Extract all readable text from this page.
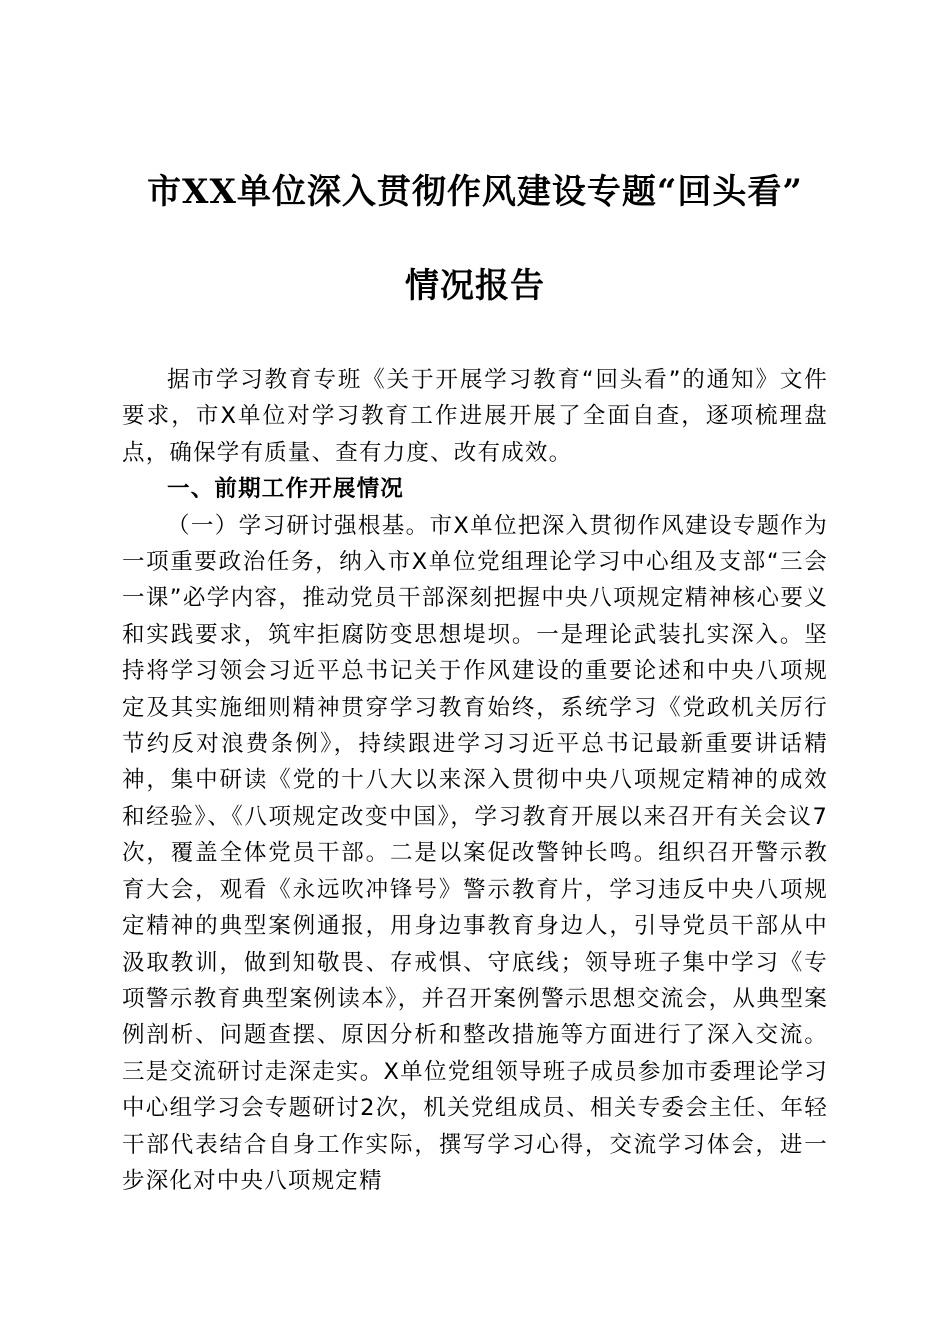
市XX单位深入贯彻作风建设专题“回头看”
情况报告

据市学习教育专班《关于开展学习教育“回头看”的通知》文件要求，市X单位对学习教育工作进展开展了全面自查，逐项梳理盘点，确保学有质量、查有力度、改有成效。

一、前期工作开展情况

（一）学习研讨强根基。市X单位把深入贯彻作风建设专题作为一项重要政治任务，纳入市X单位党组理论学习中心组及支部“三会一课”必学内容，推动党员干部深刻把握中央八项规定精神核心要义和实践要求，筑牢拒腐防变思想堤坝。一是理论武装扎实深入。坚持将学习领会习近平总书记关于作风建设的重要论述和中央八项规定及其实施细则精神贯穿学习教育始终，系统学习《党政机关厉行节约反对浪费条例》，持续跟进学习习近平总书记最新重要讲话精神，集中研读《党的十八大以来深入贯彻中央八项规定精神的成效和经验》、《八项规定改变中国》，学习教育开展以来召开有关会议7次，覆盖全体党员干部。二是以案促改警钟长鸣。组织召开警示教育大会，观看《永远吹冲锋号》警示教育片，学习违反中央八项规定精神的典型案例通报，用身边事教育身边人，引导党员干部从中汲取教训，做到知敬畏、存戒惧、守底线；领导班子集中学习《专项警示教育典型案例读本》，并召开案例警示思想交流会，从典型案例剖析、问题查摆、原因分析和整改措施等方面进行了深入交流。三是交流研讨走深走实。X单位党组领导班子成员参加市委理论学习中心组学习会专题研讨2次，机关党组成员、相关专委会主任、年轻干部代表结合自身工作实际，撰写学习心得，交流学习体会，进一步深化对中央八项规定精
